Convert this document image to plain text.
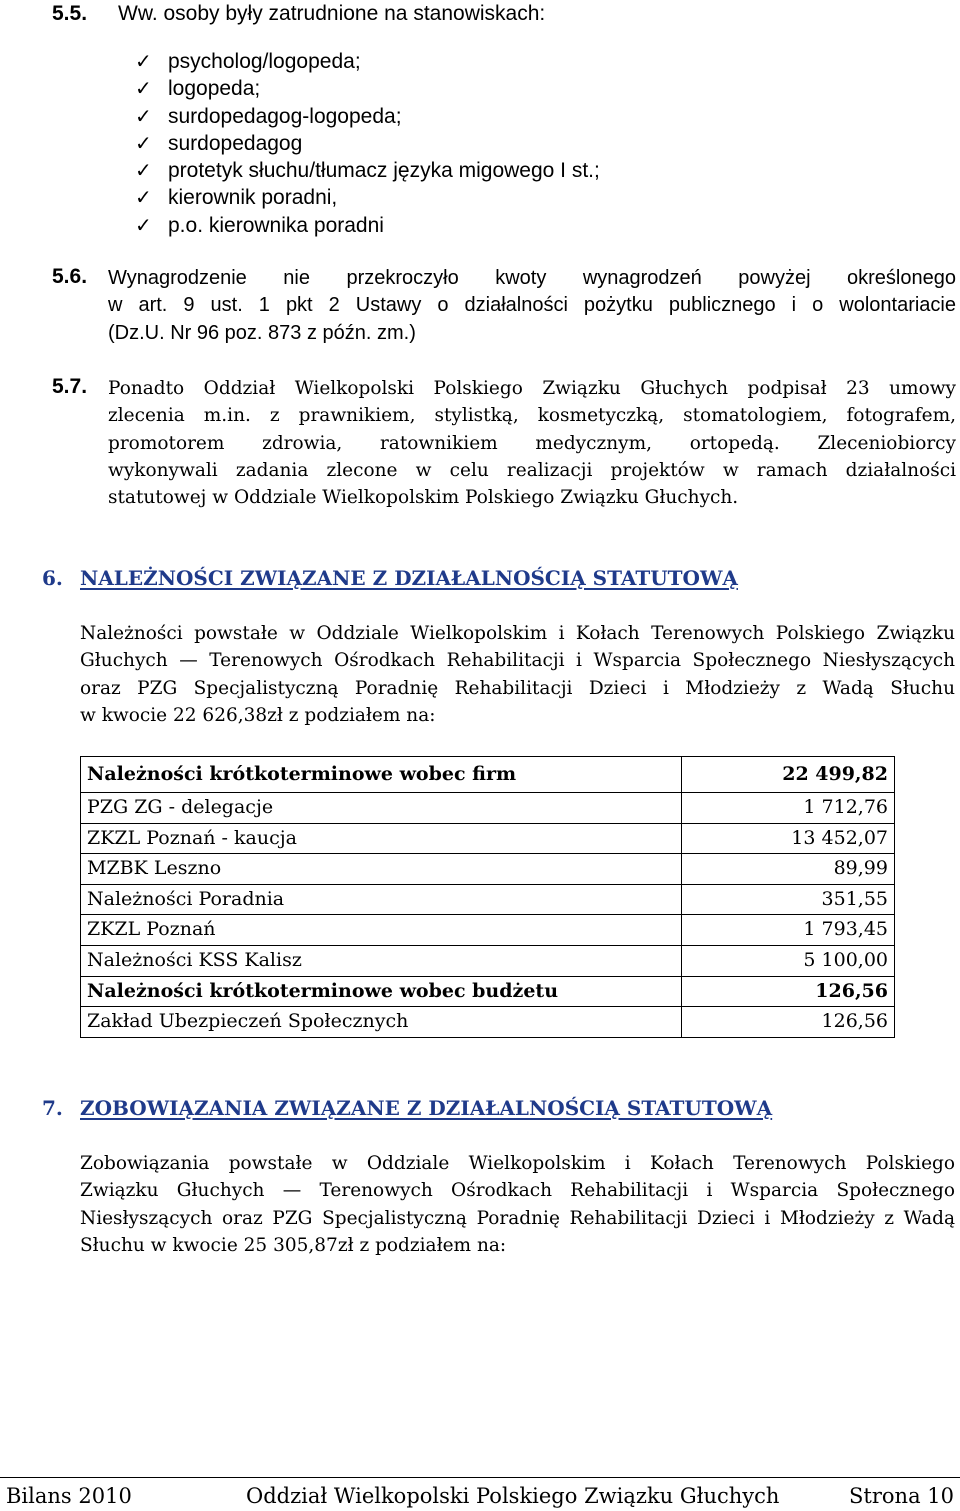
5.5. Ww. osoby były zatrudnione na stanowiskach:
✓ psycholog/logopeda;
✓ logopeda;
✓ surdopedagog-logopeda;
✓ surdopedagog
✓ protetyk słuchu/tłumacz języka migowego I st.;
✓ kierownik poradni,
✓ p.o. kierownika poradni
5.6. Wynagrodzenie nie przekroczyło kwoty wynagrodzeń powyżej określonego
w art. 9 ust. 1 pkt 2 Ustawy o działalności pożytku publicznego i o wolontariacie
(Dz.U. Nr 96 poz. 873 z późn. zm.)
5.7. Ponadto Oddział Wielkopolski Polskiego Związku Głuchych podpisał 23 umowy
zlecenia m.in. z prawnikiem, stylistką, kosmetyczką, stomatologiem, fotografem,
promotorem zdrowia, ratownikiem medycznym, ortopedą. Zleceniobiorcy
wykonywali zadania zlecone w celu realizacji projektów w ramach działalności
statutowej w Oddziale Wielkopolskim Polskiego Związku Głuchych.
6. NALEŻNOŚCI ZWIĄZANE Z DZIAŁALNOŚCIĄ STATUTOWĄ
Należności powstałe w Oddziale Wielkopolskim i Kołach Terenowych Polskiego Związku
Głuchych — Terenowych Ośrodkach Rehabilitacji i Wsparcia Społecznego Niesłyszących
oraz PZG Specjalistyczną Poradnię Rehabilitacji Dzieci i Młodzieży z Wadą Słuchu
w kwocie 22 626,38zł z podziałem na:
Należności krótkoterminowe wobec firm	22 499,82
PZG ZG - delegacje	1 712,76
ZKZL Poznań - kaucja	13 452,07
MZBK Leszno	89,99
Należności Poradnia	351,55
ZKZL Poznań	1 793,45
Należności KSS Kalisz	5 100,00
Należności krótkoterminowe wobec budżetu	126,56
Zakład Ubezpieczeń Społecznych	126,56
7. ZOBOWIĄZANIA ZWIĄZANE Z DZIAŁALNOŚCIĄ STATUTOWĄ
Zobowiązania powstałe w Oddziale Wielkopolskim i Kołach Terenowych Polskiego
Związku Głuchych — Terenowych Ośrodkach Rehabilitacji i Wsparcia Społecznego
Niesłyszących oraz PZG Specjalistyczną Poradnię Rehabilitacji Dzieci i Młodzieży z Wadą
Słuchu w kwocie 25 305,87zł z podziałem na:
Bilans 2010	Oddział Wielkopolski Polskiego Związku Głuchych	Strona 10
